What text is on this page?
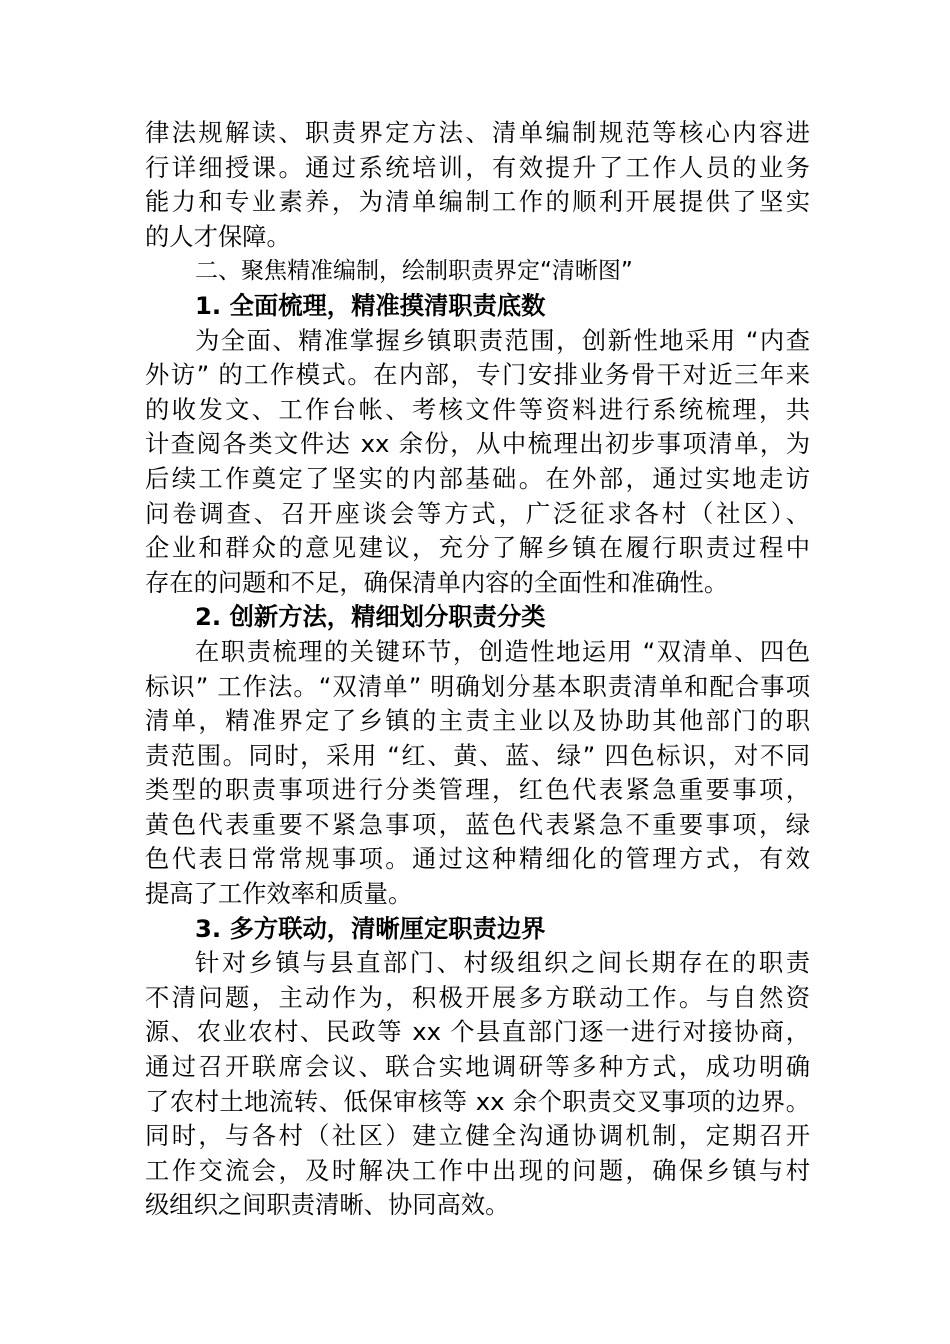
律法规解读、职责界定方法、清单编制规范等核心内容进
行详细授课。通过系统培训，有效提升了工作人员的业务
能力和专业素养，为清单编制工作的顺利开展提供了坚实
的人才保障。
二、聚焦精准编制，绘制职责界定“清晰图”
1. 全面梳理，精准摸清职责底数
为全面、精准掌握乡镇职责范围，创新性地采用 “内查
外访” 的工作模式。在内部，专门安排业务骨干对近三年来
的收发文、工作台帐、考核文件等资料进行系统梳理，共
计查阅各类文件达 xx 余份，从中梳理出初步事项清单，为
后续工作奠定了坚实的内部基础。在外部，通过实地走访
问卷调查、召开座谈会等方式，广泛征求各村（社区）、
企业和群众的意见建议，充分了解乡镇在履行职责过程中
存在的问题和不足，确保清单内容的全面性和准确性。
2. 创新方法，精细划分职责分类
在职责梳理的关键环节，创造性地运用 “双清单、四色
标识” 工作法。“双清单” 明确划分基本职责清单和配合事项
清单，精准界定了乡镇的主责主业以及协助其他部门的职
责范围。同时，采用 “红、黄、蓝、绿” 四色标识，对不同
类型的职责事项进行分类管理，红色代表紧急重要事项，
黄色代表重要不紧急事项，蓝色代表紧急不重要事项，绿
色代表日常常规事项。通过这种精细化的管理方式，有效
提高了工作效率和质量。
3. 多方联动，清晰厘定职责边界
针对乡镇与县直部门、村级组织之间长期存在的职责
不清问题，主动作为，积极开展多方联动工作。与自然资
源、农业农村、民政等 xx 个县直部门逐一进行对接协商，
通过召开联席会议、联合实地调研等多种方式，成功明确
了农村土地流转、低保审核等 xx 余个职责交叉事项的边界。
同时，与各村（社区）建立健全沟通协调机制，定期召开
工作交流会，及时解决工作中出现的问题，确保乡镇与村
级组织之间职责清晰、协同高效。
